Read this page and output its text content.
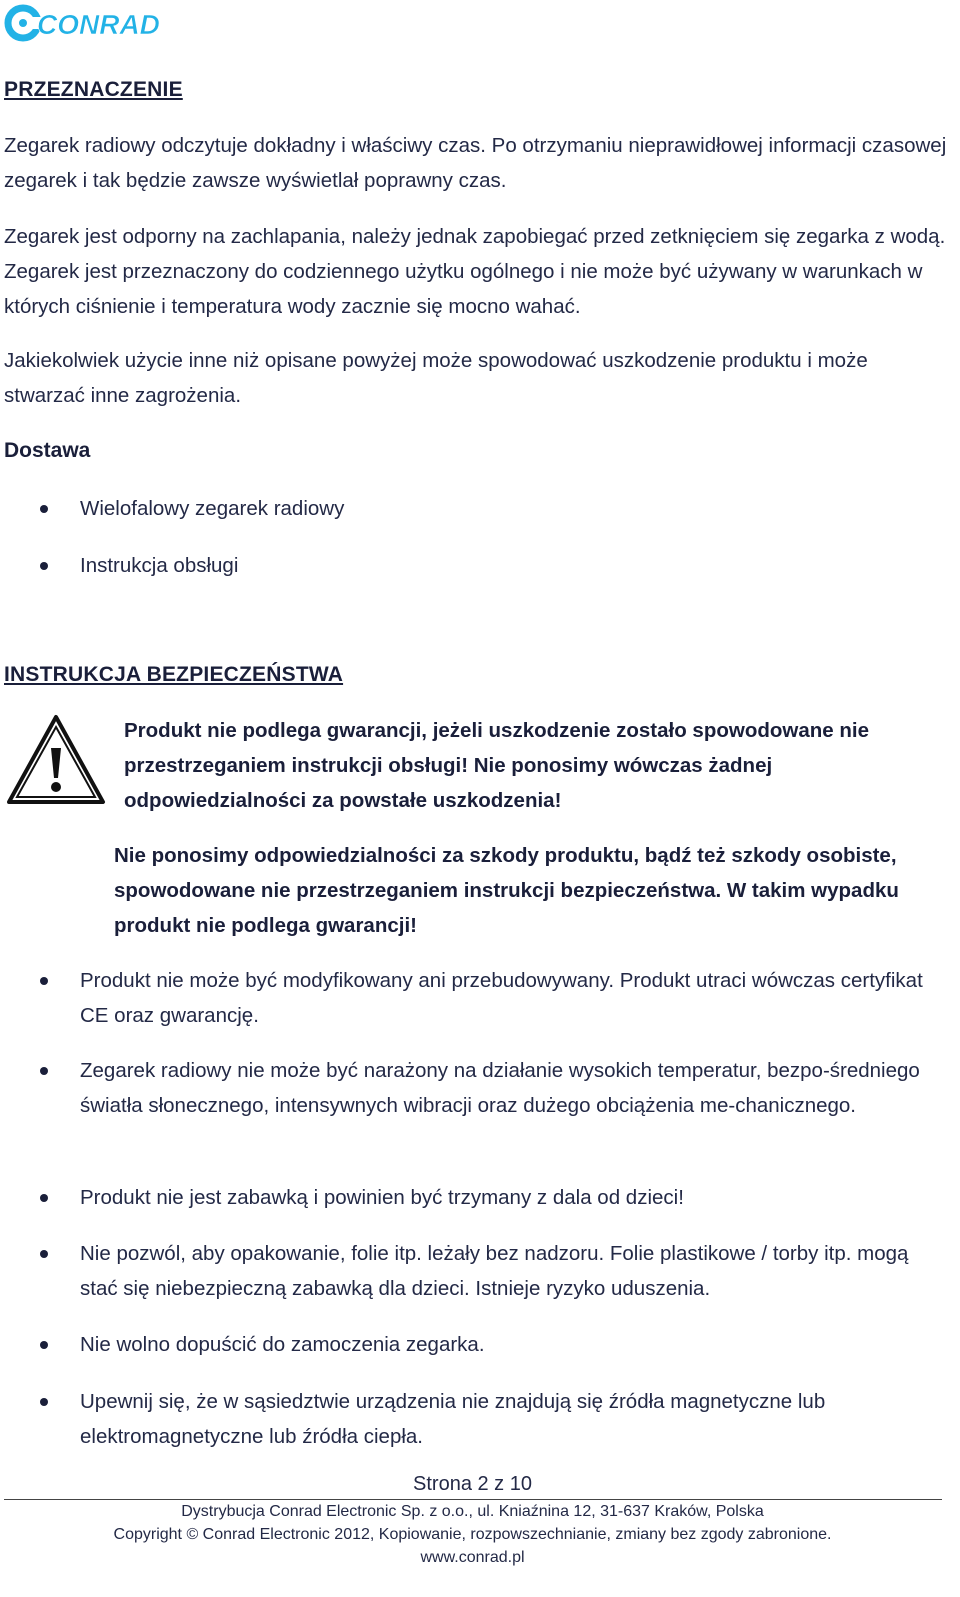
CONRAD
PRZEZNACZENIE
Zegarek radiowy odczytuje dokładny i właściwy czas. Po otrzymaniu nieprawidłowej informacji czasowej zegarek i tak będzie zawsze wyświetlał poprawny czas.
Zegarek jest odporny na zachlapania, należy jednak zapobiegać przed zetknięciem się zegarka z wodą. Zegarek jest przeznaczony do codziennego użytku ogólnego i nie może być używany w warunkach w których ciśnienie i temperatura wody zacznie się mocno wahać.
Jakiekolwiek użycie inne niż opisane powyżej może spowodować uszkodzenie produktu i może stwarzać inne zagrożenia.
Dostawa
Wielofalowy zegarek radiowy
Instrukcja obsługi
INSTRUKCJA BEZPIECZEŃSTWA
Produkt nie podlega gwarancji, jeżeli uszkodzenie zostało spowodowane nie przestrzeganiem instrukcji obsługi! Nie ponosimy wówczas żadnej odpowiedzialności za powstałe uszkodzenia!
Nie ponosimy odpowiedzialności za szkody produktu, bądź też szkody osobiste, spowodowane nie przestrzeganiem instrukcji bezpieczeństwa. W takim wypadku produkt nie podlega gwarancji!
Produkt nie może być modyfikowany ani przebudowywany. Produkt utraci wówczas certyfikat CE oraz gwarancję.
Zegarek radiowy nie może być narażony na działanie wysokich temperatur, bezpo-średniego światła słonecznego, intensywnych wibracji oraz dużego obciążenia me-chanicznego.
Produkt nie jest zabawką i powinien być trzymany z dala od dzieci!
Nie pozwól, aby opakowanie, folie itp. leżały bez nadzoru. Folie plastikowe / torby itp. mogą stać się niebezpieczną zabawką dla dzieci. Istnieje ryzyko uduszenia.
Nie wolno dopuścić do zamoczenia zegarka.
Upewnij się, że w sąsiedztwie urządzenia nie znajdują się źródła magnetyczne lub elektromagnetyczne lub źródła ciepła.
Strona 2 z 10
Dystrybucja Conrad Electronic Sp. z o.o., ul. Kniaźnina 12, 31-637 Kraków, Polska
Copyright © Conrad Electronic 2012, Kopiowanie, rozpowszechnianie, zmiany bez zgody zabronione.
www.conrad.pl
